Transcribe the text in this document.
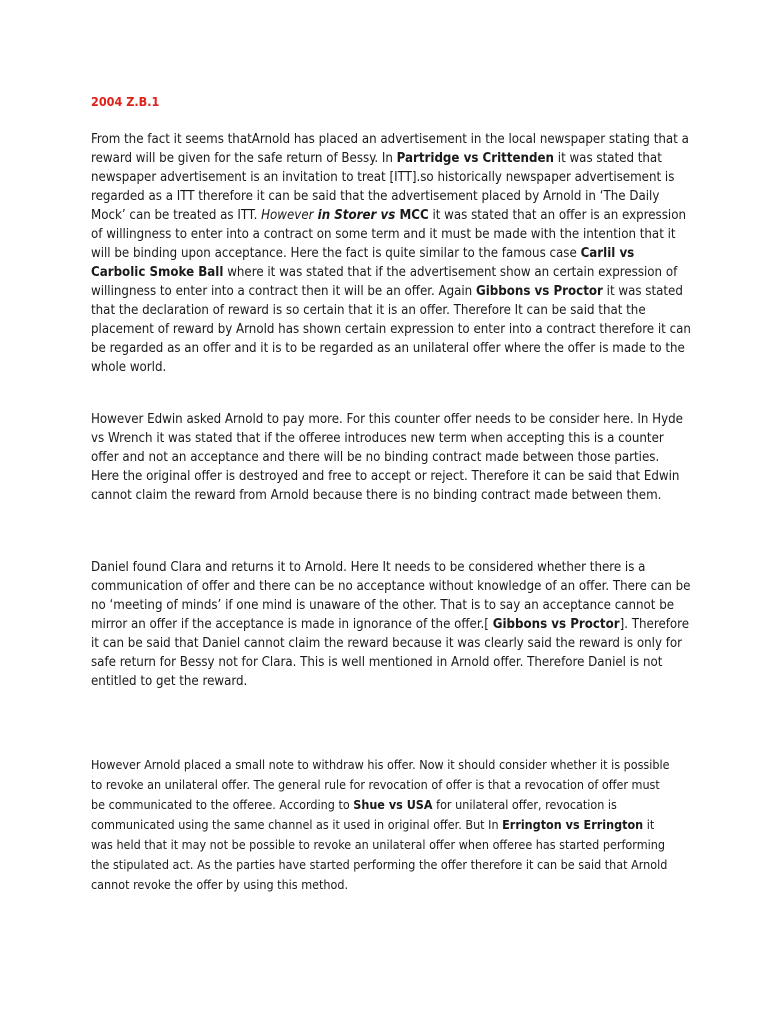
2004 Z.B.1
From the fact it seems thatArnold has placed an advertisement in the local newspaper stating that a reward will be given for the safe return of Bessy. In Partridge vs Crittenden it was stated that newspaper advertisement is an invitation to treat [ITT].so historically newspaper advertisement is regarded as a ITT therefore it can be said that the advertisement placed by Arnold in ‘The Daily Mock’ can be treated as ITT. However in Storer vs MCC it was stated that an offer is an expression of willingness to enter into a contract on some term and it must be made with the intention that it will be binding upon acceptance. Here the fact is quite similar to the famous case Carlil vs Carbolic Smoke Ball where it was stated that if the advertisement show an certain expression of willingness to enter into a contract then it will be an offer. Again Gibbons vs Proctor it was stated that the declaration of reward is so certain that it is an offer. Therefore It can be said that the placement of reward by Arnold has shown certain expression to enter into a contract therefore it can be regarded as an offer and it is to be regarded as an unilateral offer where the offer is made to the whole world.
However Edwin asked Arnold to pay more. For this counter offer needs to be consider here. In Hyde vs Wrench it was stated that if the offeree introduces new term when accepting this is a counter offer and not an acceptance and there will be no binding contract made between those parties. Here the original offer is destroyed and free to accept or reject. Therefore it can be said that Edwin cannot claim the reward from Arnold because there is no binding contract made between them.
Daniel found Clara and returns it to Arnold. Here It needs to be considered whether there is a communication of offer and there can be no acceptance without knowledge of an offer. There can be no ‘meeting of minds’ if one mind is unaware of the other. That is to say an acceptance cannot be mirror an offer if the acceptance is made in ignorance of the offer.[ Gibbons vs Proctor]. Therefore it can be said that Daniel cannot claim the reward because it was clearly said the reward is only for safe return for Bessy not for Clara. This is well mentioned in Arnold offer. Therefore Daniel is not entitled to get the reward.
However Arnold placed a small note to withdraw his offer. Now it should consider whether it is possible to revoke an unilateral offer. The general rule for revocation of offer is that a revocation of offer must be communicated to the offeree. According to Shue vs USA for unilateral offer, revocation is communicated using the same channel as it used in original offer. But In Errington vs Errington it was held that it may not be possible to revoke an unilateral offer when offeree has started performing the stipulated act. As the parties have started performing the offer therefore it can be said that Arnold cannot revoke the offer by using this method.
